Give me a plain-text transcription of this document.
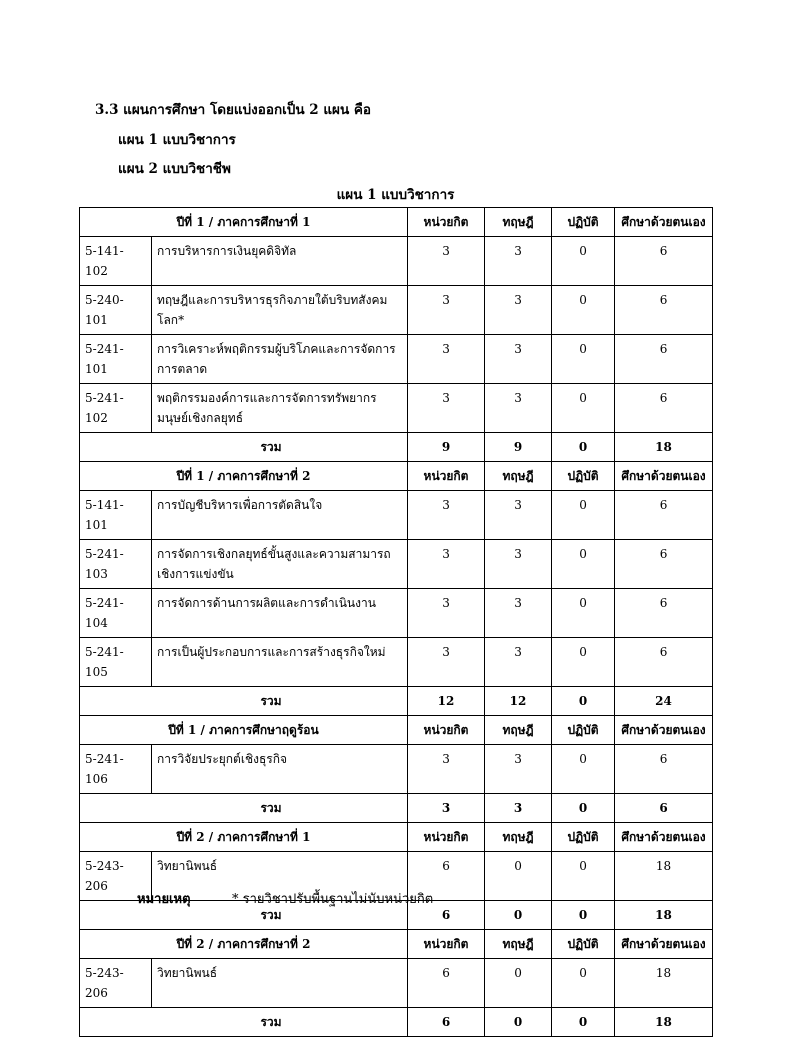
3.3 แผนการศึกษา โดยแบ่งออกเป็น 2 แผน คือ
แผน 1 แบบวิชาการ
แผน 2 แบบวิชาชีพ
แผน 1 แบบวิชาการ
ปีที่ 1 / ภาคการศึกษาที่ 1		หน่วยกิต	ทฤษฎี	ปฏิบัติ	ศึกษาด้วยตนเอง
5-141-102	การบริหารการเงินยุคดิจิทัล	3	3	0	6
5-240-101	ทฤษฎีและการบริหารธุรกิจภายใต้บริบทสังคมโลก*	3	3	0	6
5-241-101	การวิเคราะห์พฤติกรรมผู้บริโภคและการจัดการการตลาด	3	3	0	6
5-241-102	พฤติกรรมองค์การและการจัดการทรัพยากรมนุษย์เชิงกลยุทธ์	3	3	0	6
รวม		9	9	0	18
ปีที่ 1 / ภาคการศึกษาที่ 2		หน่วยกิต	ทฤษฎี	ปฏิบัติ	ศึกษาด้วยตนเอง
5-141-101	การบัญชีบริหารเพื่อการตัดสินใจ	3	3	0	6
5-241-103	การจัดการเชิงกลยุทธ์ขั้นสูงและความสามารถเชิงการแข่งขัน	3	3	0	6
5-241-104	การจัดการด้านการผลิตและการดำเนินงาน	3	3	0	6
5-241-105	การเป็นผู้ประกอบการและการสร้างธุรกิจใหม่	3	3	0	6
รวม		12	12	0	24
ปีที่ 1 / ภาคการศึกษาฤดูร้อน		หน่วยกิต	ทฤษฎี	ปฏิบัติ	ศึกษาด้วยตนเอง
5-241-106	การวิจัยประยุกต์เชิงธุรกิจ	3	3	0	6
รวม		3	3	0	6
ปีที่ 2 / ภาคการศึกษาที่ 1		หน่วยกิต	ทฤษฎี	ปฏิบัติ	ศึกษาด้วยตนเอง
5-243-206	วิทยานิพนธ์	6	0	0	18
รวม		6	0	0	18
ปีที่ 2 / ภาคการศึกษาที่ 2		หน่วยกิต	ทฤษฎี	ปฏิบัติ	ศึกษาด้วยตนเอง
5-243-206	วิทยานิพนธ์	6	0	0	18
รวม		6	0	0	18
หมายเหตุ	* รายวิชาปรับพื้นฐานไม่นับหน่วยกิต
